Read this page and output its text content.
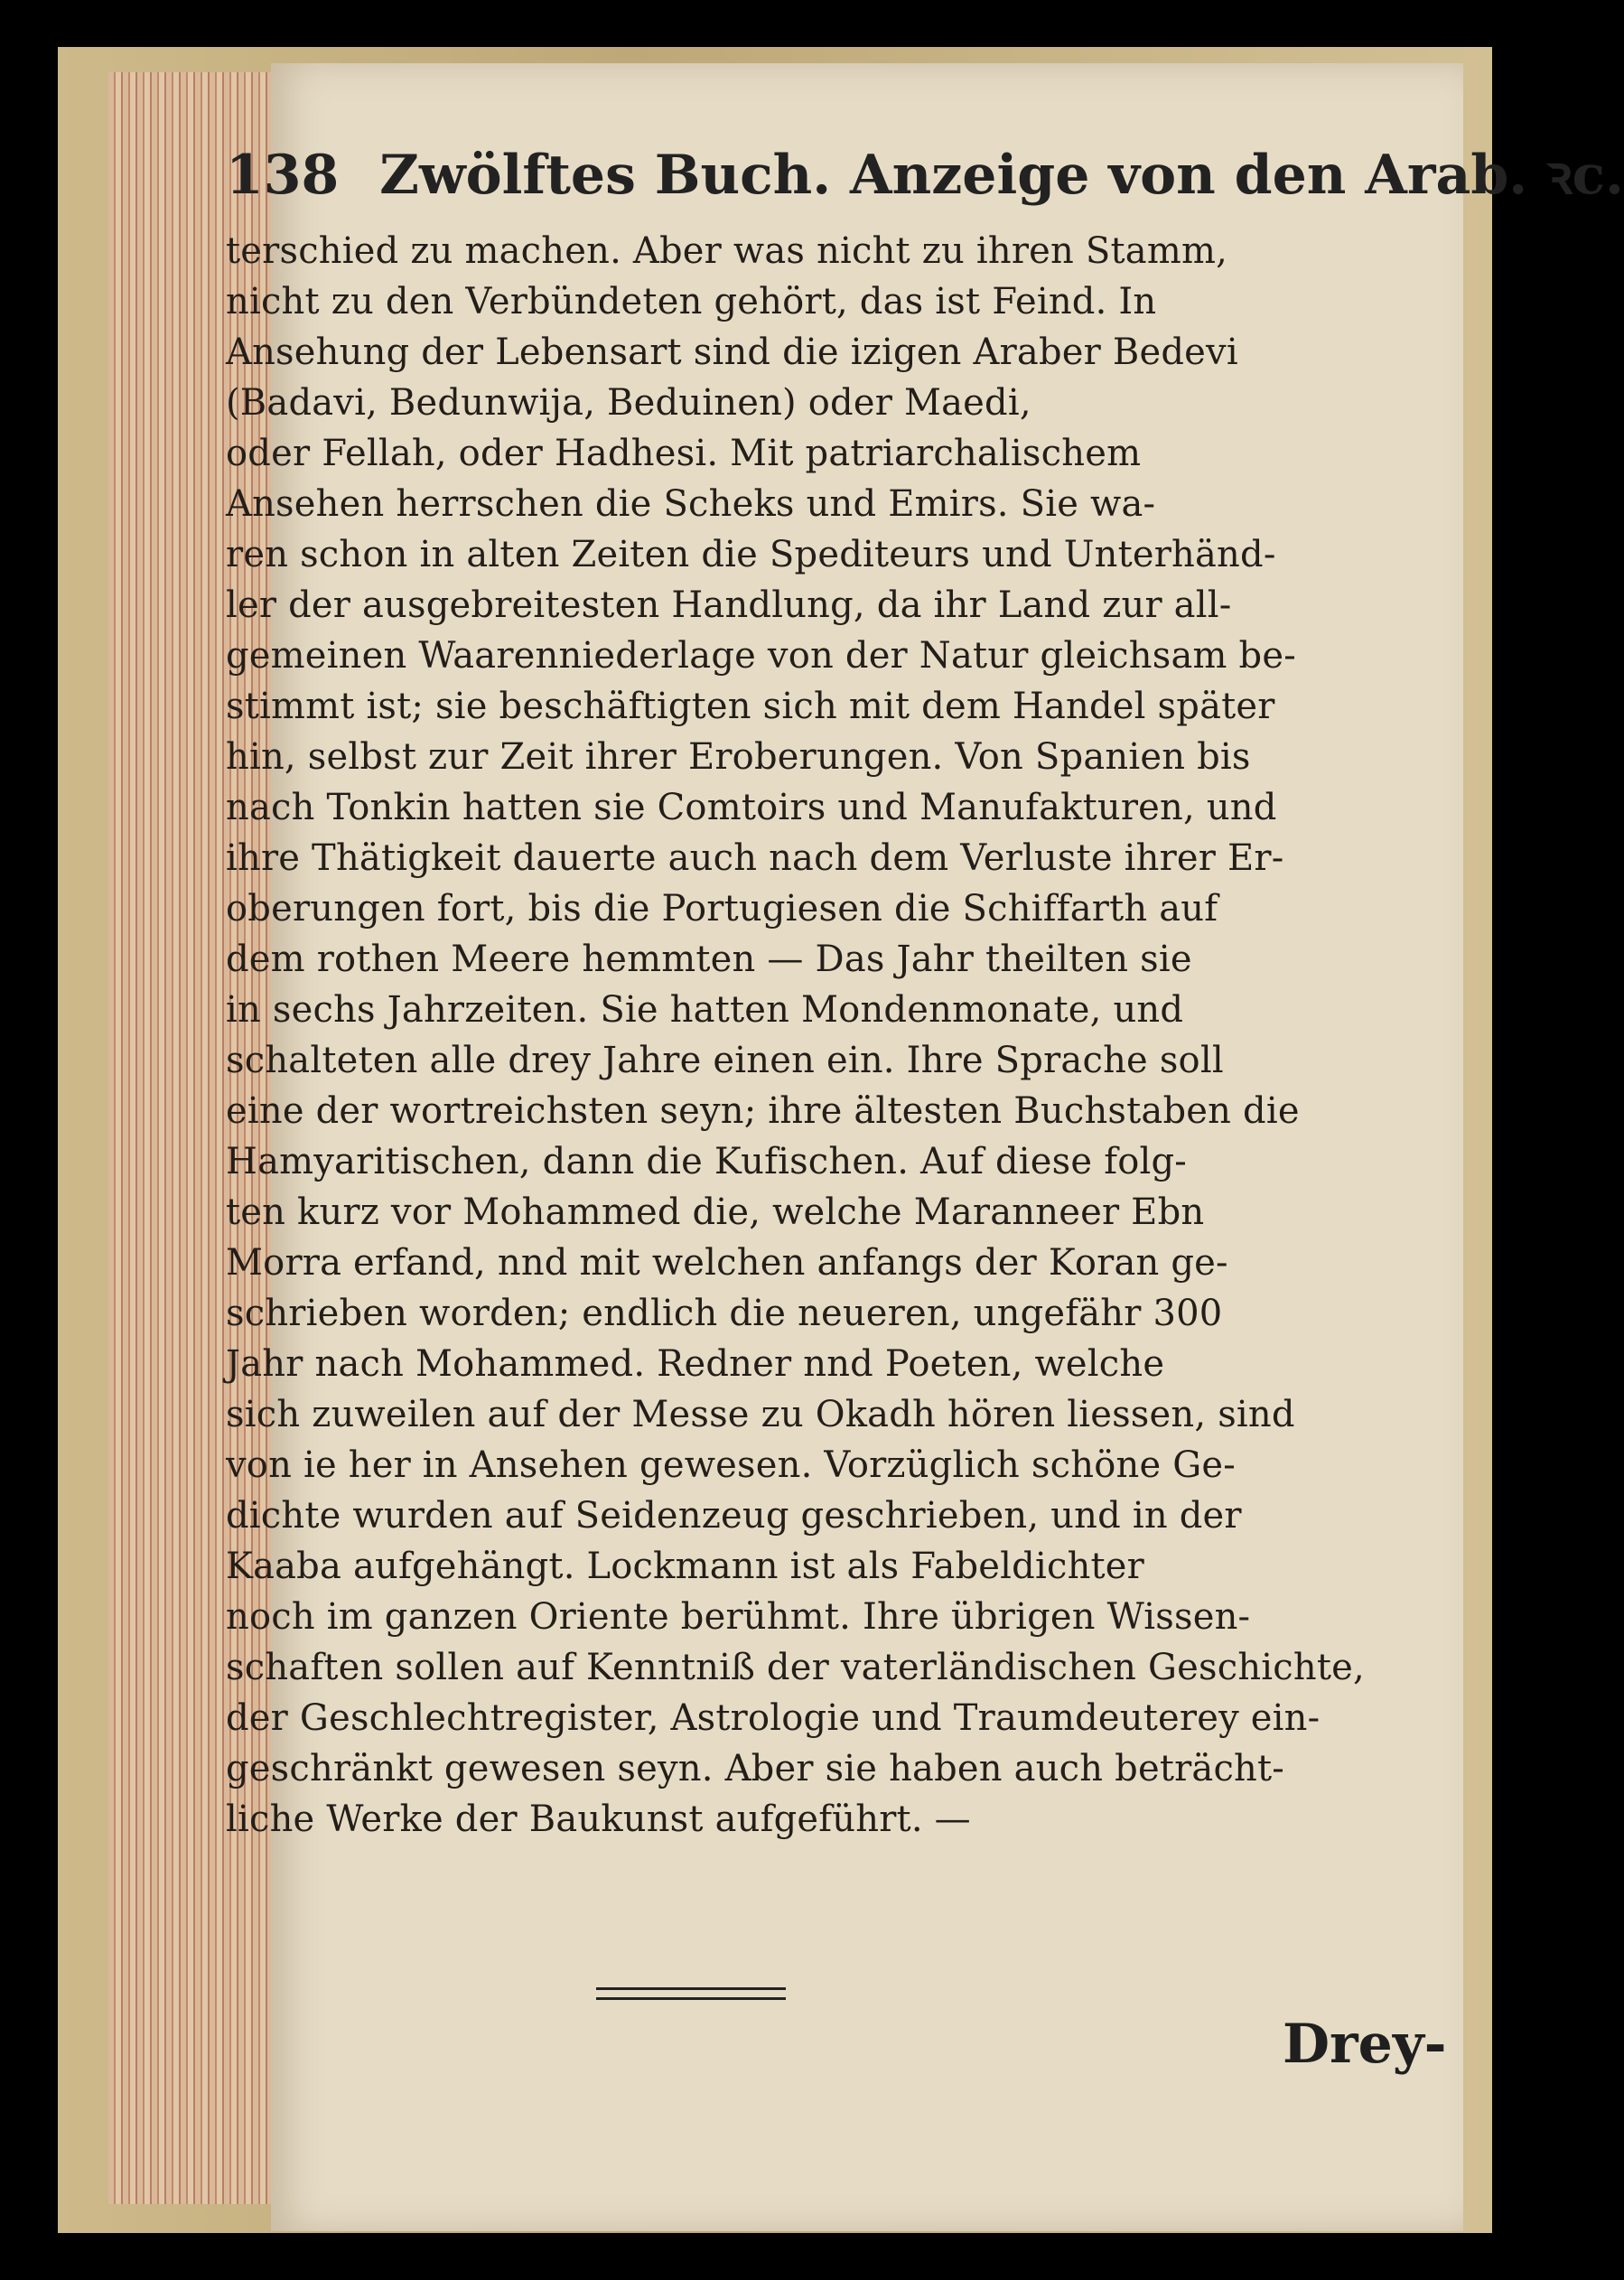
138 Zwölftes Buch. Anzeige von den Arab. ꝛc.
terschied zu machen. Aber was nicht zu ihren Stamm,
nicht zu den Verbündeten gehört, das ist Feind. In
Ansehung der Lebensart sind die izigen Araber Bedevi
(Badavi, Bedunwija, Beduinen) oder Maedi,
oder Fellah, oder Hadhesi. Mit patriarchalischem
Ansehen herrschen die Scheks und Emirs. Sie wa-
ren schon in alten Zeiten die Spediteurs und Unterhänd-
ler der ausgebreitesten Handlung, da ihr Land zur all-
gemeinen Waarenniederlage von der Natur gleichsam be-
stimmt ist; sie beschäftigten sich mit dem Handel später
hin, selbst zur Zeit ihrer Eroberungen. Von Spanien bis
nach Tonkin hatten sie Comtoirs und Manufakturen, und
ihre Thätigkeit dauerte auch nach dem Verluste ihrer Er-
oberungen fort, bis die Portugiesen die Schiffarth auf
dem rothen Meere hemmten — Das Jahr theilten sie
in sechs Jahrzeiten. Sie hatten Mondenmonate, und
schalteten alle drey Jahre einen ein. Ihre Sprache soll
eine der wortreichsten seyn; ihre ältesten Buchstaben die
Hamyaritischen, dann die Kufischen. Auf diese folg-
ten kurz vor Mohammed die, welche Maranneer Ebn
Morra erfand, nnd mit welchen anfangs der Koran ge-
schrieben worden; endlich die neueren, ungefähr 300
Jahr nach Mohammed. Redner nnd Poeten, welche
sich zuweilen auf der Messe zu Okadh hören liessen, sind
von ie her in Ansehen gewesen. Vorzüglich schöne Ge-
dichte wurden auf Seidenzeug geschrieben, und in der
Kaaba aufgehängt. Lockmann ist als Fabeldichter
noch im ganzen Oriente berühmt. Ihre übrigen Wissen-
schaften sollen auf Kenntniß der vaterländischen Geschichte,
der Geschlechtregister, Astrologie und Traumdeuterey ein-
geschränkt gewesen seyn. Aber sie haben auch beträcht-
liche Werke der Baukunst aufgeführt. —
Drey-
